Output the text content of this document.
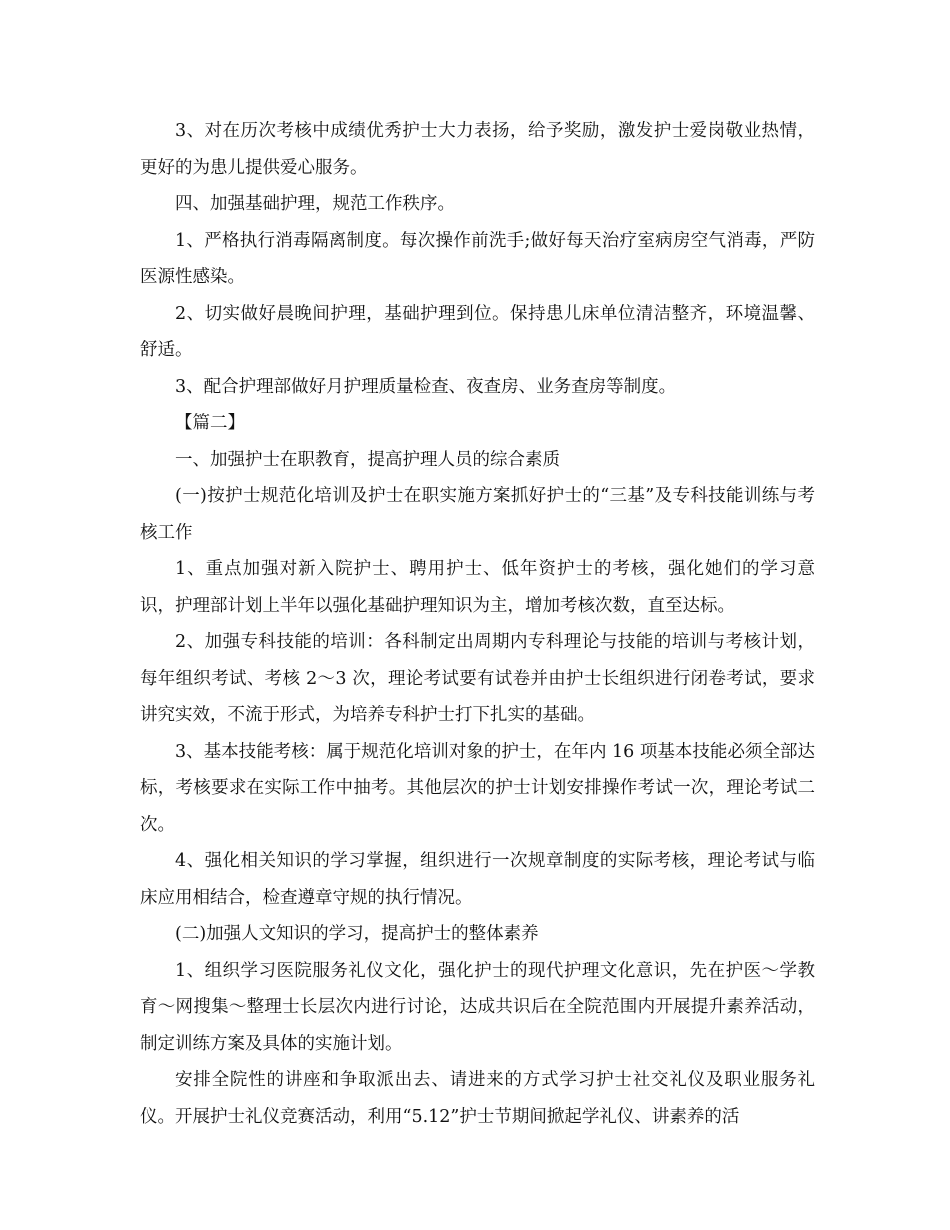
3、对在历次考核中成绩优秀护士大力表扬，给予奖励，激发护士爱岗敬业热情，更好的为患儿提供爱心服务。

四、加强基础护理，规范工作秩序。

1、严格执行消毒隔离制度。每次操作前洗手;做好每天治疗室病房空气消毒，严防医源性感染。

2、切实做好晨晚间护理，基础护理到位。保持患儿床单位清洁整齐，环境温馨、舒适。

3、配合护理部做好月护理质量检查、夜查房、业务查房等制度。

【篇二】

一、加强护士在职教育，提高护理人员的综合素质

(一)按护士规范化培训及护士在职实施方案抓好护士的“三基”及专科技能训练与考核工作

1、重点加强对新入院护士、聘用护士、低年资护士的考核，强化她们的学习意识，护理部计划上半年以强化基础护理知识为主，增加考核次数，直至达标。

2、加强专科技能的培训：各科制定出周期内专科理论与技能的培训与考核计划，每年组织考试、考核 2～3 次，理论考试要有试卷并由护士长组织进行闭卷考试，要求讲究实效，不流于形式，为培养专科护士打下扎实的基础。

3、基本技能考核：属于规范化培训对象的护士，在年内 16 项基本技能必须全部达标，考核要求在实际工作中抽考。其他层次的护士计划安排操作考试一次，理论考试二次。

4、强化相关知识的学习掌握，组织进行一次规章制度的实际考核，理论考试与临床应用相结合，检查遵章守规的执行情况。

(二)加强人文知识的学习，提高护士的整体素养

1、组织学习医院服务礼仪文化，强化护士的现代护理文化意识，先在护医～学教育～网搜集～整理士长层次内进行讨论，达成共识后在全院范围内开展提升素养活动，制定训练方案及具体的实施计划。

安排全院性的讲座和争取派出去、请进来的方式学习护士社交礼仪及职业服务礼仪。开展护士礼仪竞赛活动，利用“5.12”护士节期间掀起学礼仪、讲素养的活
